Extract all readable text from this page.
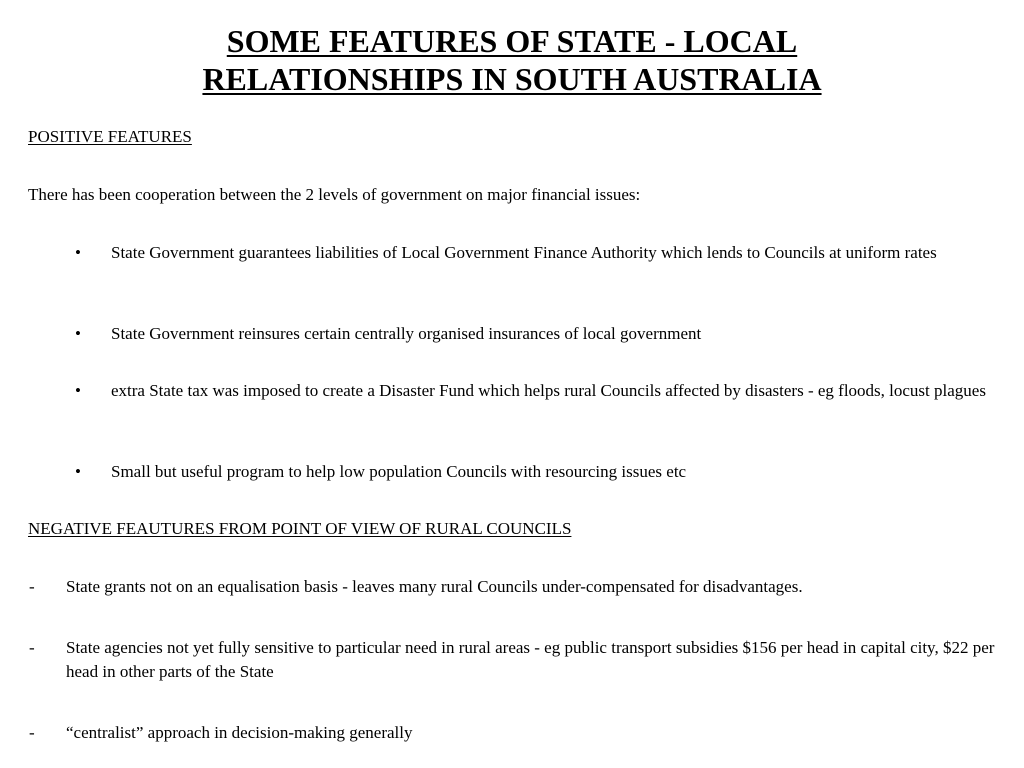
SOME FEATURES OF STATE - LOCAL
RELATIONSHIPS IN SOUTH AUSTRALIA
POSITIVE FEATURES
There has been cooperation between the 2 levels of government on major financial issues:
• State Government guarantees liabilities of Local Government Finance Authority which lends to Councils at uniform rates
• State Government reinsures certain centrally organised insurances of local government
• extra State tax was imposed to create a Disaster Fund which helps rural Councils affected by disasters - eg floods, locust plagues
• Small but useful program to help low population Councils with resourcing issues etc
NEGATIVE FEAUTURES FROM POINT OF VIEW OF RURAL COUNCILS
- State grants not on an equalisation basis - leaves many rural Councils under-compensated for disadvantages.
- State agencies not yet fully sensitive to particular need in rural areas - eg public transport subsidies $156 per head in capital city, $22 per head in other parts of the State
- “centralist” approach in decision-making generally
